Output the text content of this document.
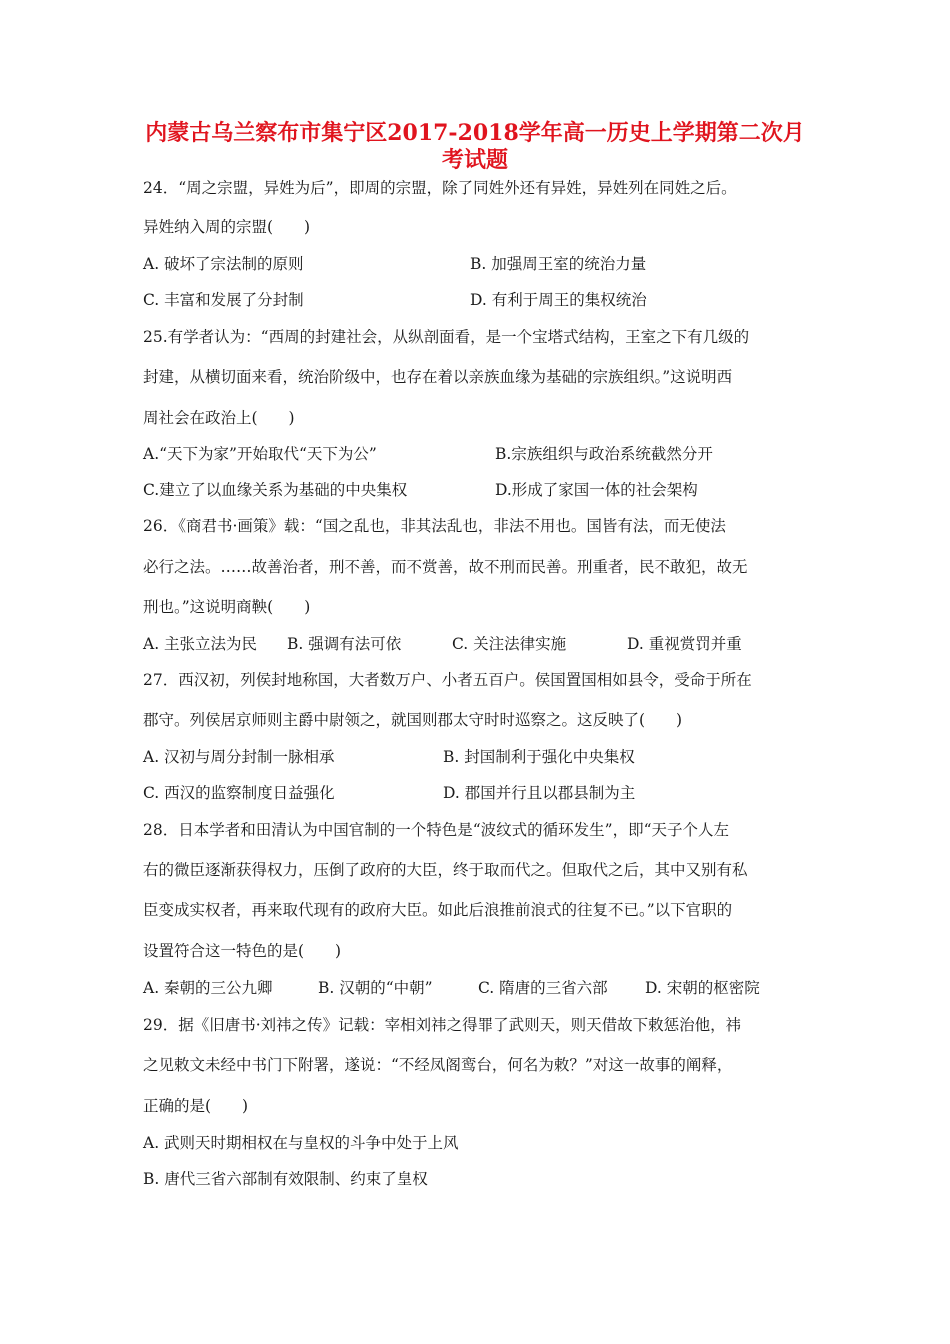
内蒙古乌兰察布市集宁区2017-2018学年高一历史上学期第二次月
考试题
24．“周之宗盟，异姓为后”，即周的宗盟，除了同姓外还有异姓，异姓列在同姓之后。
异姓纳入周的宗盟(　　)
A. 破坏了宗法制的原则	B. 加强周王室的统治力量
C. 丰富和发展了分封制	D. 有利于周王的集权统治
25.有学者认为：“西周的封建社会，从纵剖面看，是一个宝塔式结构，王室之下有几级的
封建，从横切面来看，统治阶级中，也存在着以亲族血缘为基础的宗族组织。”这说明西
周社会在政治上(　　)
A.“天下为家”开始取代“天下为公”	B.宗族组织与政治系统截然分开
C.建立了以血缘关系为基础的中央集权	D.形成了家国一体的社会架构
26．《商君书·画策》载：“国之乱也，非其法乱也，非法不用也。国皆有法，而无使法
必行之法。……故善治者，刑不善，而不赏善，故不刑而民善。刑重者，民不敢犯，故无
刑也。”这说明商鞅(　　)
A. 主张立法为民 B. 强调有法可依	C. 关注法律实施	D. 重视赏罚并重
27．西汉初，列侯封地称国，大者数万户、小者五百户。侯国置国相如县令，受命于所在
郡守。列侯居京师则主爵中尉领之，就国则郡太守时时巡察之。这反映了(　　)
A. 汉初与周分封制一脉相承	B. 封国制利于强化中央集权
C. 西汉的监察制度日益强化	D. 郡国并行且以郡县制为主
28．日本学者和田清认为中国官制的一个特色是“波纹式的循环发生”，即“天子个人左
右的微臣逐渐获得权力，压倒了政府的大臣，终于取而代之。但取代之后，其中又别有私
臣变成实权者，再来取代现有的政府大臣。如此后浪推前浪式的往复不已。”以下官职的
设置符合这一特色的是(　　)
A. 秦朝的三公九卿	B. 汉朝的“中朝”	C. 隋唐的三省六部 D. 宋朝的枢密院
29．据《旧唐书·刘祎之传》记载：宰相刘祎之得罪了武则天，则天借故下敕惩治他，祎
之见敕文未经中书门下附署，遂说：“不经凤阁鸾台，何名为敕？”对这一故事的阐释，
正确的是(　　)
A. 武则天时期相权在与皇权的斗争中处于上风
B. 唐代三省六部制有效限制、约束了皇权
